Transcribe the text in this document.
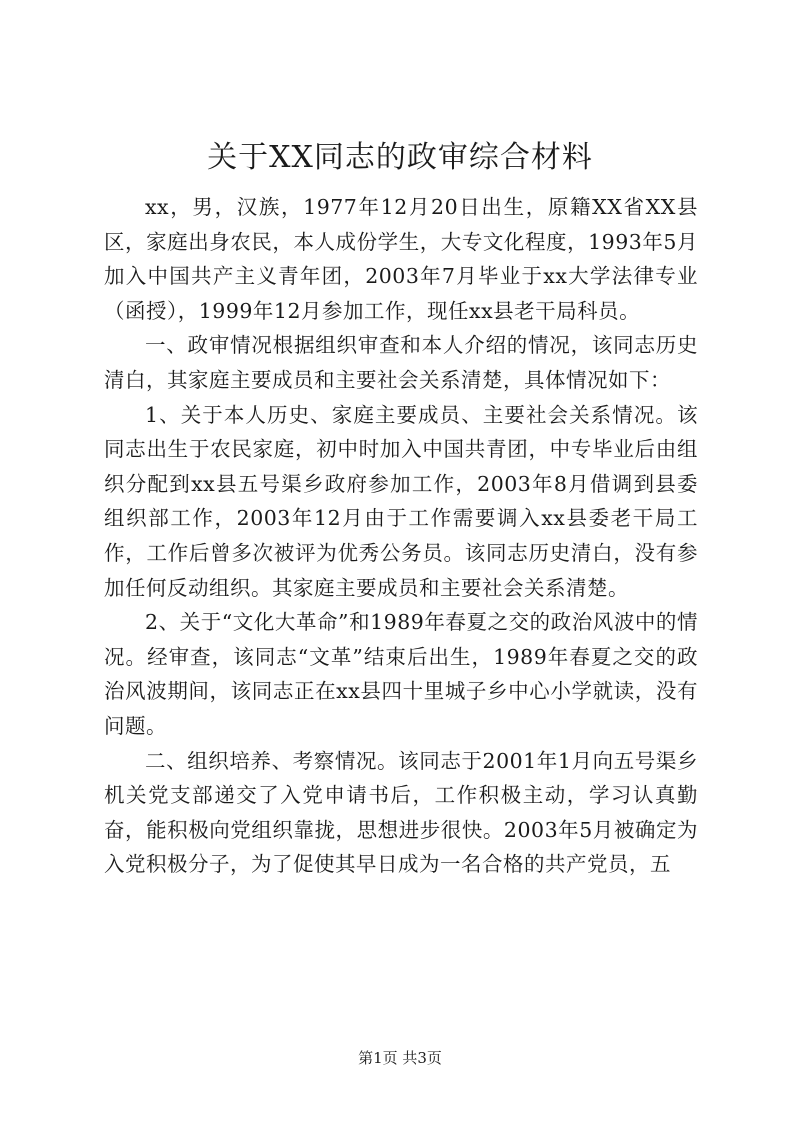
关于XX同志的政审综合材料

xx，男，汉族，1977年12月20日出生，原籍XX省XX县区，家庭出身农民，本人成份学生，大专文化程度，1993年5月加入中国共产主义青年团，2003年7月毕业于xx大学法律专业（函授），1999年12月参加工作，现任xx县老干局科员。

一、政审情况根据组织审查和本人介绍的情况，该同志历史清白，其家庭主要成员和主要社会关系清楚，具体情况如下：

1、关于本人历史、家庭主要成员、主要社会关系情况。该同志出生于农民家庭，初中时加入中国共青团，中专毕业后由组织分配到xx县五号渠乡政府参加工作，2003年8月借调到县委组织部工作，2003年12月由于工作需要调入xx县委老干局工作，工作后曾多次被评为优秀公务员。该同志历史清白，没有参加任何反动组织。其家庭主要成员和主要社会关系清楚。

2、关于“文化大革命”和1989年春夏之交的政治风波中的情况。经审查，该同志“文革”结束后出生，1989年春夏之交的政治风波期间，该同志正在xx县四十里城子乡中心小学就读，没有问题。

二、组织培养、考察情况。该同志于2001年1月向五号渠乡机关党支部递交了入党申请书后，工作积极主动，学习认真勤奋，能积极向党组织靠拢，思想进步很快。2003年5月被确定为入党积极分子，为了促使其早日成为一名合格的共产党员，五

第1页 共3页
